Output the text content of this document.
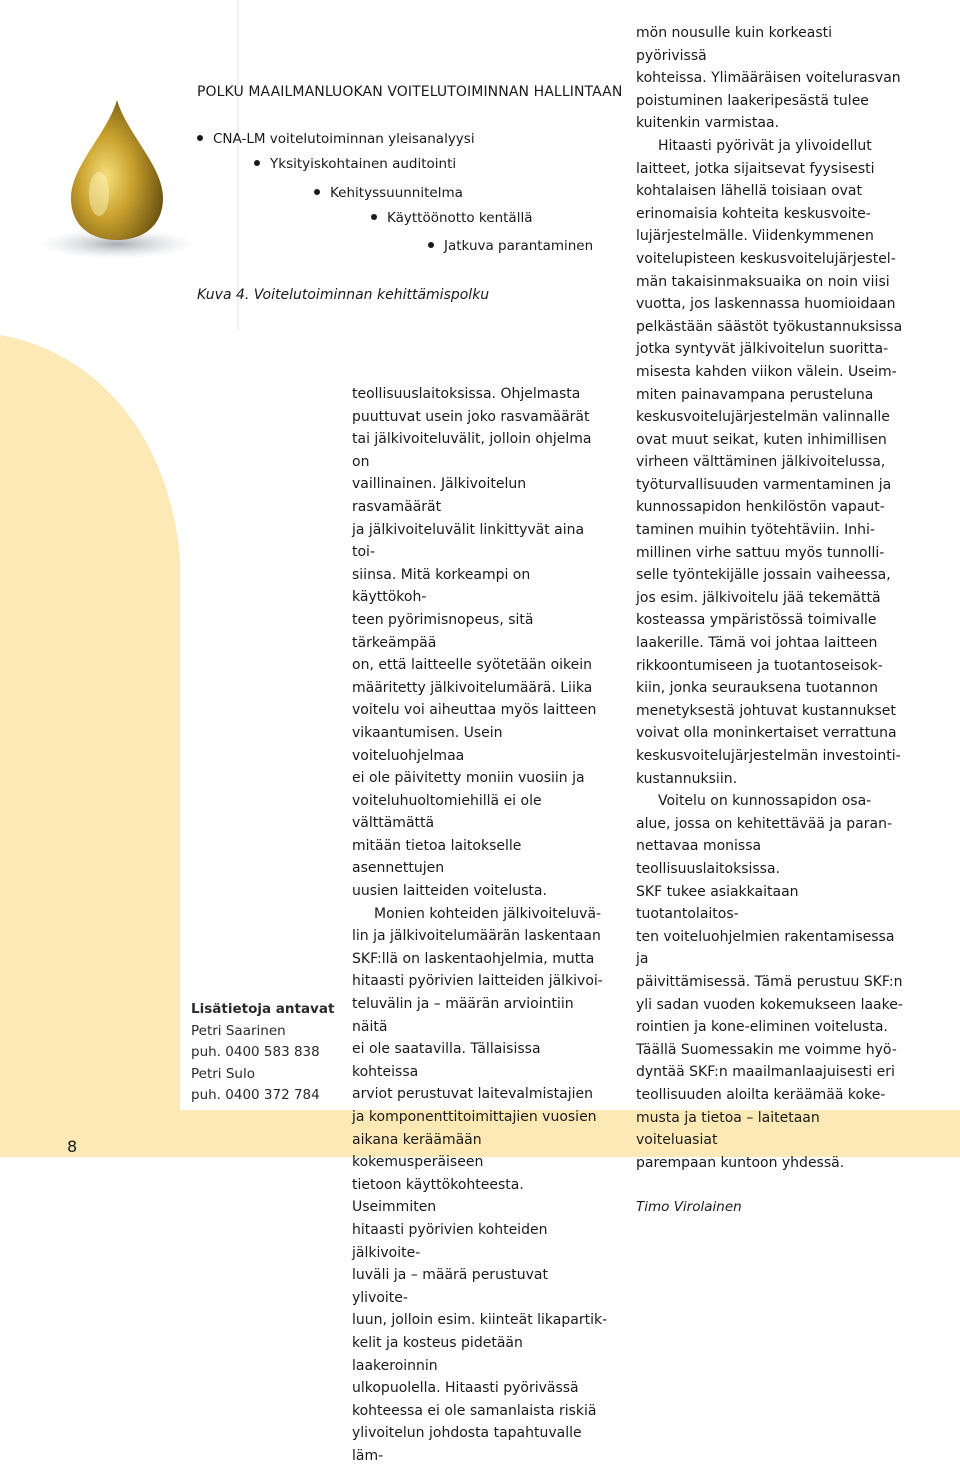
POLKU MAAILMANLUOKAN VOITELUTOIMINNAN HALLINTAAN
CNA-LM voitelutoiminnan yleisanalyysi
Yksityiskohtainen auditointi
Kehityssuunnitelma
Käyttöönotto kentällä
Jatkuva parantaminen
Kuva 4. Voitelutoiminnan kehittämispolku

teollisuuslaitoksissa. Ohjelmasta

puuttuvat usein joko rasvamäärät

tai jälkivoiteluvälit, jolloin ohjelma on

vaillinainen. Jälkivoitelun rasvamäärät

ja jälkivoiteluvälit linkittyvät aina toi-

siinsa. Mitä korkeampi on käyttökoh-

teen pyörimisnopeus, sitä tärkeämpää

on, että laitteelle syötetään oikein

määritetty jälkivoitelumäärä. Liika

voitelu voi aiheuttaa myös laitteen

vikaantumisen. Usein voiteluohjelmaa

ei ole päivitetty moniin vuosiin ja

voiteluhuoltomiehillä ei ole välttämättä

mitään tietoa laitokselle asennettujen

uusien laitteiden voitelusta.

Monien kohteiden jälkivoiteluvä-

lin ja jälkivoitelumäärän laskentaan

SKF:llä on laskentaohjelmia, mutta

hitaasti pyörivien laitteiden jälkivoi-

teluvälin ja – määrän arviointiin näitä

ei ole saatavilla. Tällaisissa kohteissa

arviot perustuvat laitevalmistajien

ja komponenttitoimittajien vuosien

aikana keräämään kokemusperäiseen

tietoon käyttökohteesta. Useimmiten

hitaasti pyörivien kohteiden jälkivoite-

luväli ja – määrä perustuvat ylivoite-

luun, jolloin esim. kiinteät likapartik-

kelit ja kosteus pidetään laakeroinnin

ulkopuolella. Hitaasti pyörivässä

kohteessa ei ole samanlaista riskiä

ylivoitelun johdosta tapahtuvalle läm-

mön nousulle kuin korkeasti pyörivissä

kohteissa. Ylimääräisen voitelurasvan

poistuminen laakeripesästä tulee

kuitenkin varmistaa.

Hitaasti pyörivät ja ylivoidellut

laitteet, jotka sijaitsevat fyysisesti

kohtalaisen lähellä toisiaan ovat

erinomaisia kohteita keskusvoite-

lujärjestelmälle. Viidenkymmenen

voitelupisteen keskusvoitelujärjestel-

män takaisinmaksuaika on noin viisi

vuotta, jos laskennassa huomioidaan

pelkästään säästöt työkustannuksissa

jotka syntyvät jälkivoitelun suoritta-

misesta kahden viikon välein. Useim-

miten painavampana perusteluna

keskusvoitelujärjestelmän valinnalle

ovat muut seikat, kuten inhimillisen

virheen välttäminen jälkivoitelussa,

työturvallisuuden varmentaminen ja

kunnossapidon henkilöstön vapaut-

taminen muihin työtehtäviin. Inhi-

millinen virhe sattuu myös tunnolli-

selle työntekijälle jossain vaiheessa,

jos esim. jälkivoitelu jää tekemättä

kosteassa ympäristössä toimivalle

laakerille. Tämä voi johtaa laitteen

rikkoontumiseen ja tuotantoseisok-

kiin, jonka seurauksena tuotannon

menetyksestä johtuvat kustannukset

voivat olla moninkertaiset verrattuna

keskusvoitelujärjestelmän investointi-

kustannuksiin.

Voitelu on kunnossapidon osa-

alue, jossa on kehitettävää ja paran-

nettavaa monissa teollisuuslaitoksissa.

SKF tukee asiakkaitaan tuotantolaitos-

ten voiteluohjelmien rakentamisessa ja

päivittämisessä. Tämä perustuu SKF:n

yli sadan vuoden kokemukseen laake-

rointien ja kone-eliminen voitelusta.

Täällä Suomessakin me voimme hyö-

dyntää SKF:n maailmanlaajuisesti eri

teollisuuden aloilta kerääm​ää koke-

musta ja tietoa – laitetaan voiteluasiat

parempaan kuntoon yhdessä.

Timo Virolainen

Lisätietoja antavat
Petri Saarinen
puh. 0400 583 838
Petri Sulo
puh. 0400 372 784
8
